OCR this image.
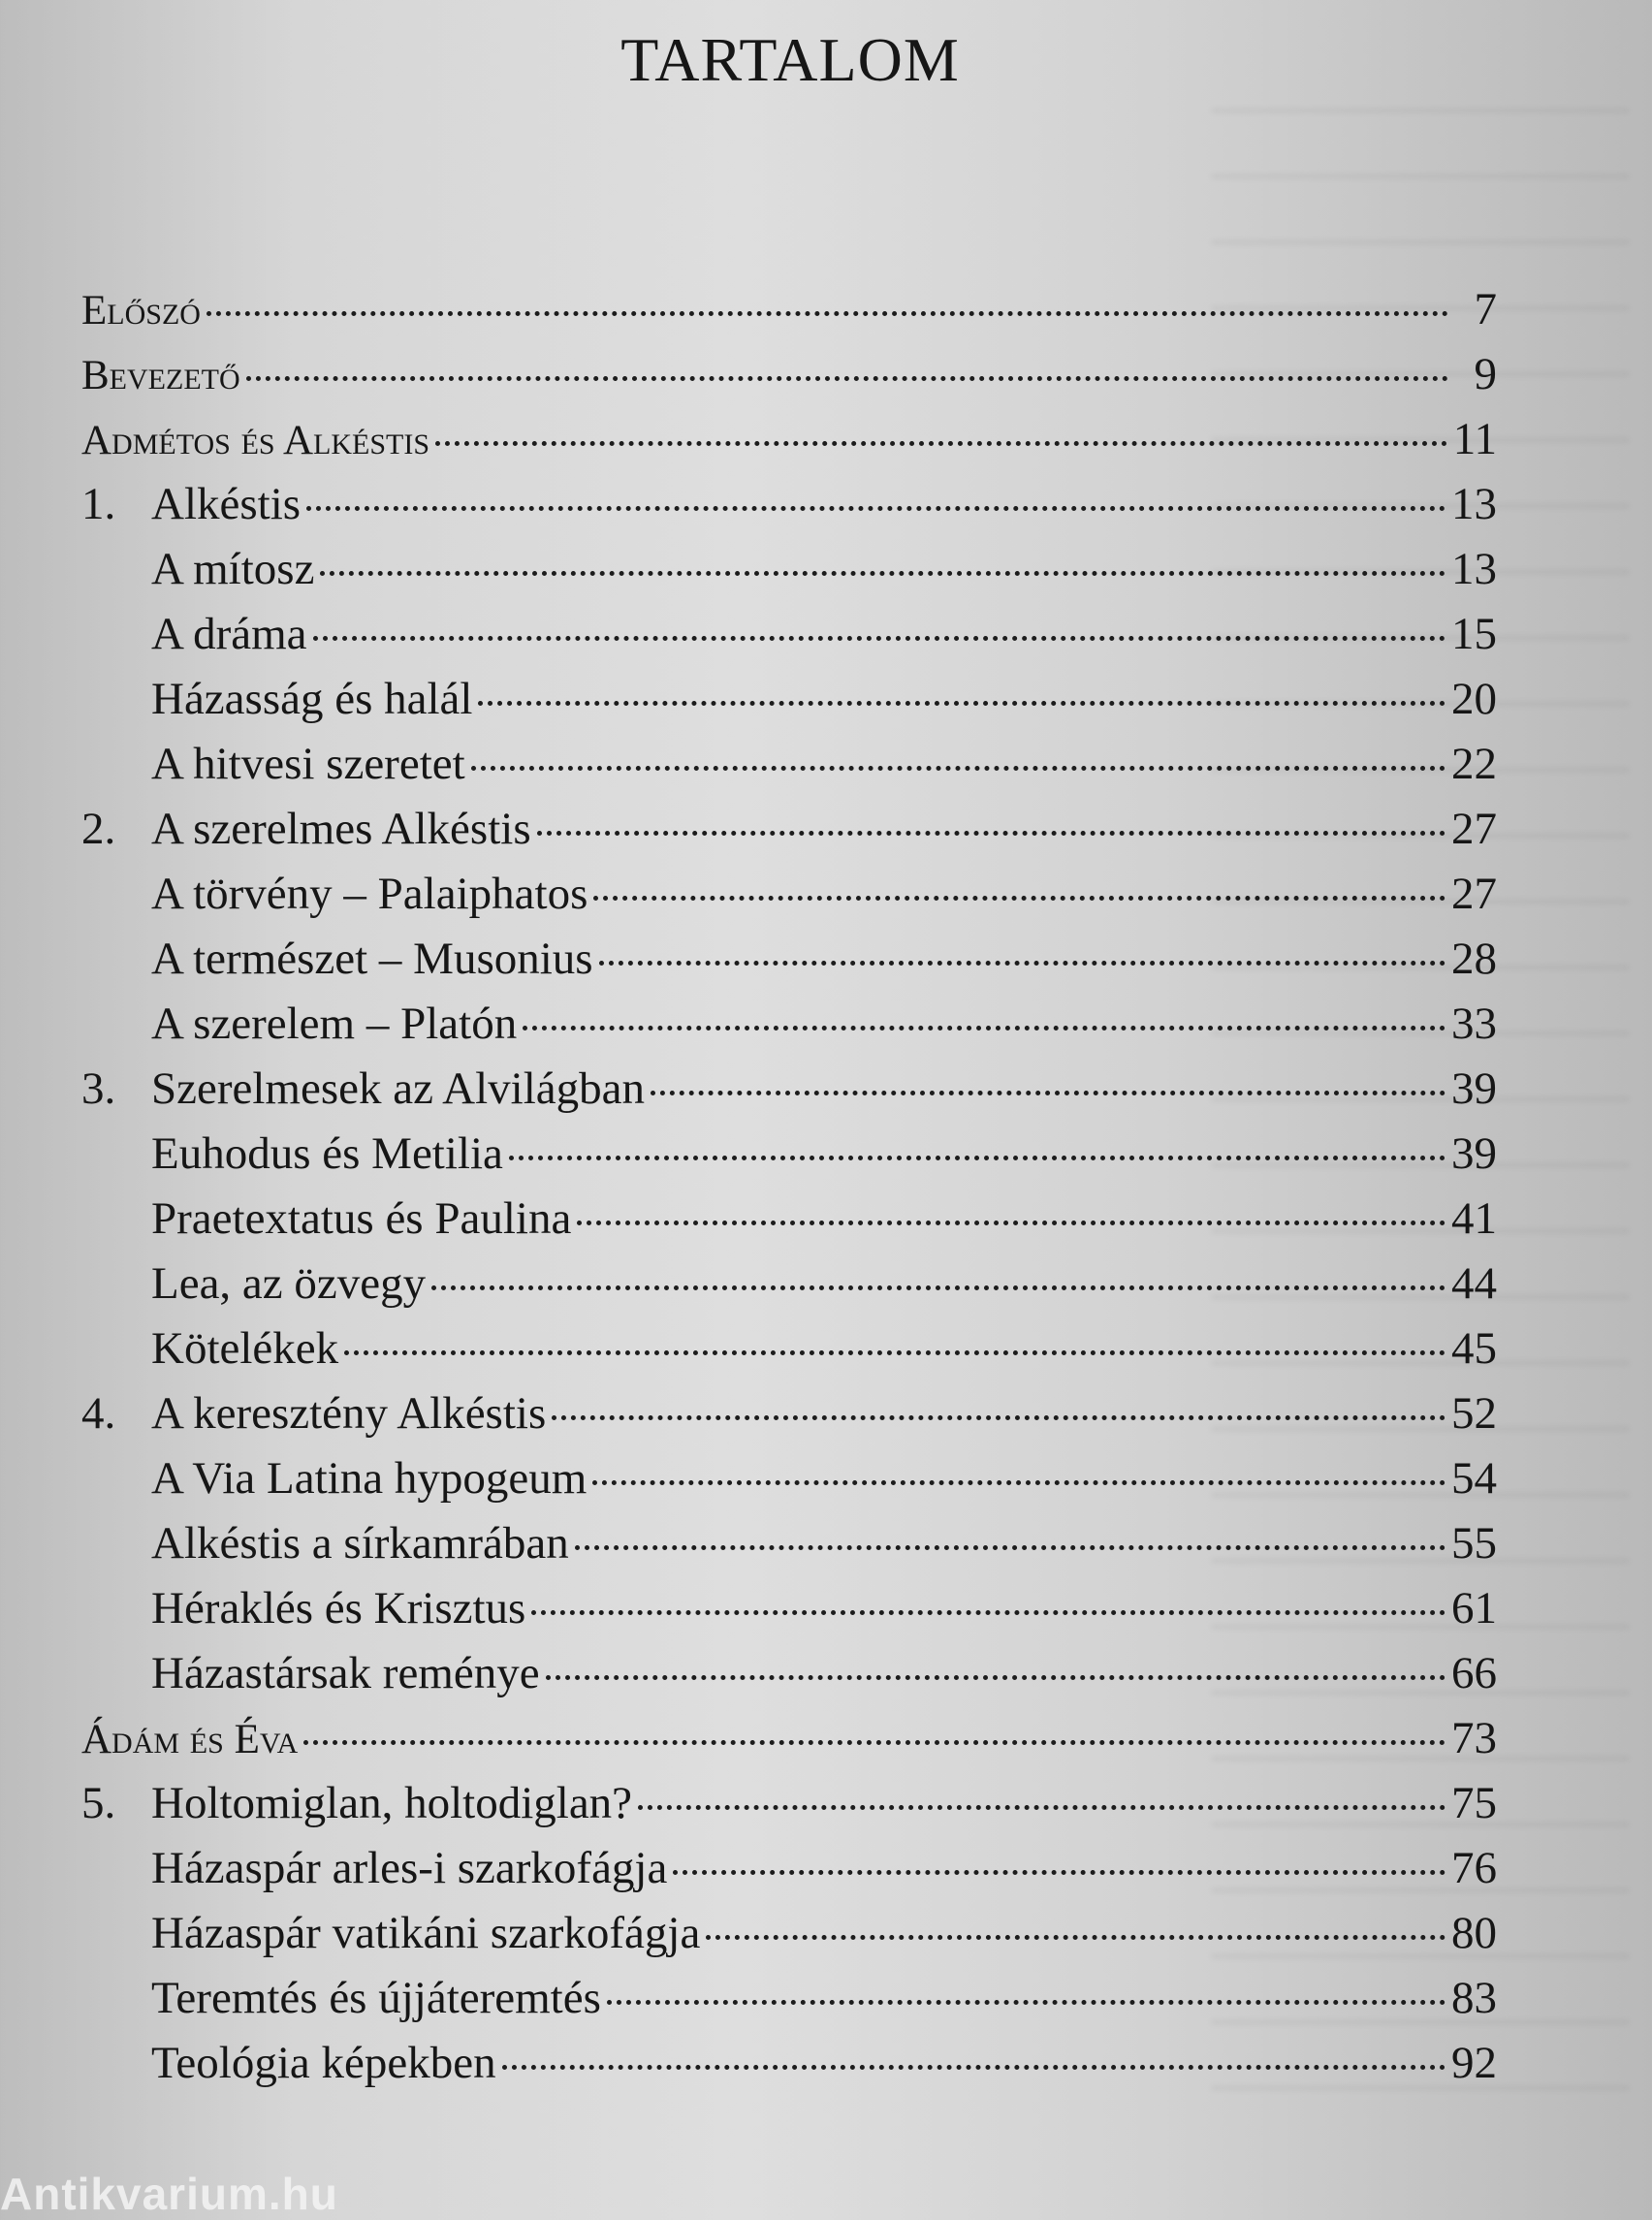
TARTALOM
Előszó	7
Bevezető	9
Admétos és Alkéstis	11
1. Alkéstis	13
A mítosz	13
A dráma	15
Házasság és halál	20
A hitvesi szeretet	22
2. A szerelmes Alkéstis	27
A törvény – Palaiphatos	27
A természet – Musonius	28
A szerelem – Platón	33
3. Szerelmesek az Alvilágban	39
Euhodus és Metilia	39
Praetextatus és Paulina	41
Lea, az özvegy	44
Kötelékek	45
4. A keresztény Alkéstis	52
A Via Latina hypogeum	54
Alkéstis a sírkamrában	55
Héraklés és Krisztus	61
Házastársak reménye	66
Ádám és Éva	73
5. Holtomiglan, holtodiglan?	75
Házaspár arles-i szarkofágja	76
Házaspár vatikáni szarkofágja	80
Teremtés és újjáteremtés	83
Teológia képekben	92
Antikvarium.hu
